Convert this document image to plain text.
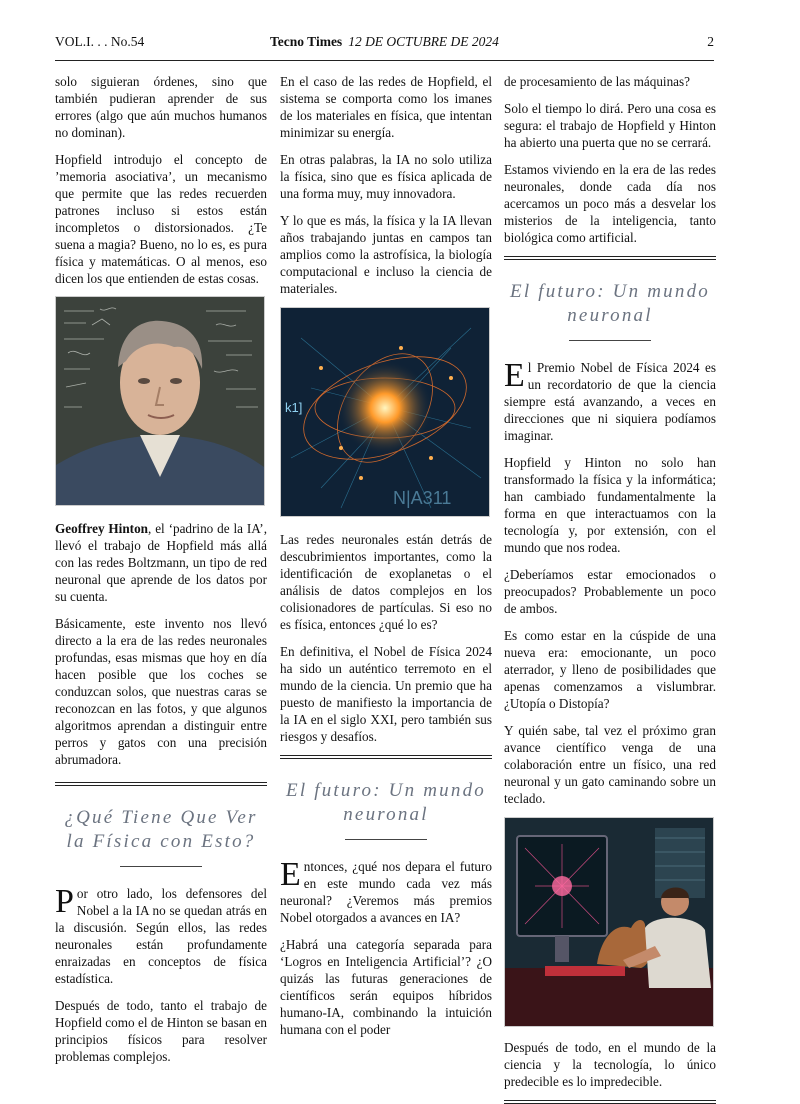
VOL.I. . . No.54	Tecno Times 12 DE OCTUBRE DE 2024	2

solo siguieran órdenes, sino que también pudieran aprender de sus errores (algo que aún muchos humanos no dominan).

Hopfield introdujo el concepto de ’memoria asociativa’, un mecanismo que permite que las redes recuerden patrones incluso si estos están incompletos o distorsionados. ¿Te suena a magia? Bueno, no lo es, es pura física y matemáticas. O al menos, eso dicen los que entienden de estas cosas.

Geoffrey Hinton, el ‘padrino de la IA’, llevó el trabajo de Hopfield más allá con las redes Boltzmann, un tipo de red neuronal que aprende de los datos por su cuenta.

Básicamente, este invento nos llevó directo a la era de las redes neuronales profundas, esas mismas que hoy en día hacen posible que los coches se conduzcan solos, que nuestras caras se reconozcan en las fotos, y que algunos algoritmos aprendan a distinguir entre perros y gatos con una precisión abrumadora.

¿Qué Tiene Que Ver la Física con Esto?

Por otro lado, los defensores del Nobel a la IA no se quedan atrás en la discusión. Según ellos, las redes neuronales están profundamente enraizadas en conceptos de física estadística.

Después de todo, tanto el trabajo de Hopfield como el de Hinton se basan en principios físicos para resolver problemas complejos.

En el caso de las redes de Hopfield, el sistema se comporta como los imanes de los materiales en física, que intentan minimizar su energía.

En otras palabras, la IA no solo utiliza la física, sino que es física aplicada de una forma muy, muy innovadora.

Y lo que es más, la física y la IA llevan años trabajando juntas en campos tan amplios como la astrofísica, la biología computacional e incluso la ciencia de materiales.

k1]
N|A311

Las redes neuronales están detrás de descubrimientos importantes, como la identificación de exoplanetas o el análisis de datos complejos en los colisionadores de partículas. Si eso no es física, entonces ¿qué lo es?

En definitiva, el Nobel de Física 2024 ha sido un auténtico terremoto en el mundo de la ciencia. Un premio que ha puesto de manifiesto la importancia de la IA en el siglo XXI, pero también sus riesgos y desafíos.

El futuro: Un mundo neuronal

Entonces, ¿qué nos depara el futuro en este mundo cada vez más neuronal? ¿Veremos más premios Nobel otorgados a avances en IA?

¿Habrá una categoría separada para ‘Logros en Inteligencia Artificial’? ¿O quizás las futuras generaciones de científicos serán equipos híbridos humano-IA, combinando la intuición humana con el poder

de procesamiento de las máquinas?

Solo el tiempo lo dirá. Pero una cosa es segura: el trabajo de Hopfield y Hinton ha abierto una puerta que no se cerrará.

Estamos viviendo en la era de las redes neuronales, donde cada día nos acercamos un poco más a desvelar los misterios de la inteligencia, tanto biológica como artificial.

El futuro: Un mundo neuronal

El Premio Nobel de Física 2024 es un recordatorio de que la ciencia siempre está avanzando, a veces en direcciones que ni siquiera podíamos imaginar.

Hopfield y Hinton no solo han transformado la física y la informática; han cambiado fundamentalmente la forma en que interactuamos con la tecnología y, por extensión, con el mundo que nos rodea.

¿Deberíamos estar emocionados o preocupados? Probablemente un poco de ambos.

Es como estar en la cúspide de una nueva era: emocionante, un poco aterrador, y lleno de posibilidades que apenas comenzamos a vislumbrar. ¿Utopía o Distopía?

Y quién sabe, tal vez el próximo gran avance científico venga de una colaboración entre un físico, una red neuronal y un gato caminando sobre un teclado.

Después de todo, en el mundo de la ciencia y la tecnología, lo único predecible es lo impredecible.
